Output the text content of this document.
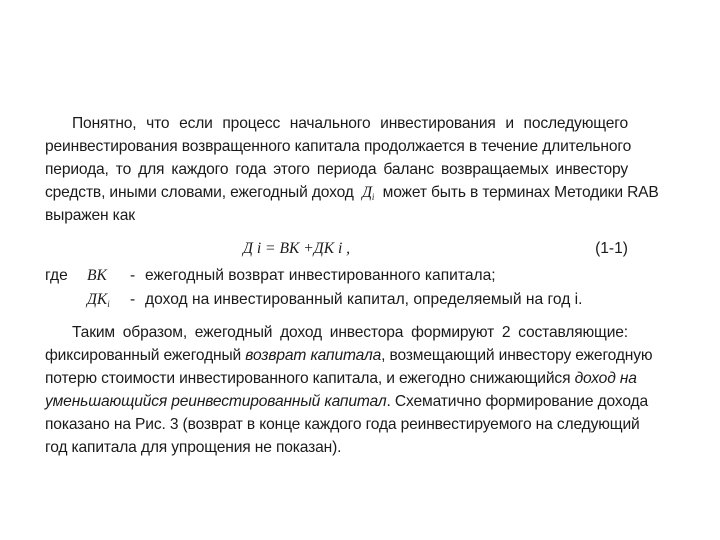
Понятно, что если процесс начального инвестирования и последующего
реинвестирования возвращенного капитала продолжается в течение длительного
периода, то для каждого года этого периода баланс возвращаемых инвестору
средств, иными словами, ежегодный доход $Д_i$ может быть в терминах Методики RAB
выражен как
Д i = ВК +ДК i ,	(1-1)
где ВК - ежегодный возврат инвестированного капитала;
$ДК_i$ - доход на инвестированный капитал, определяемый на год i.
Таким образом, ежегодный доход инвестора формируют 2 составляющие:
фиксированный ежегодный возврат капитала, возмещающий инвестору ежегодную
потерю стоимости инвестированного капитала, и ежегодно снижающийся доход на
уменьшающийся реинвестированный капитал. Схематично формирование дохода
показано на Рис. 3 (возврат в конце каждого года реинвестируемого на следующий
год капитала для упрощения не показан).
